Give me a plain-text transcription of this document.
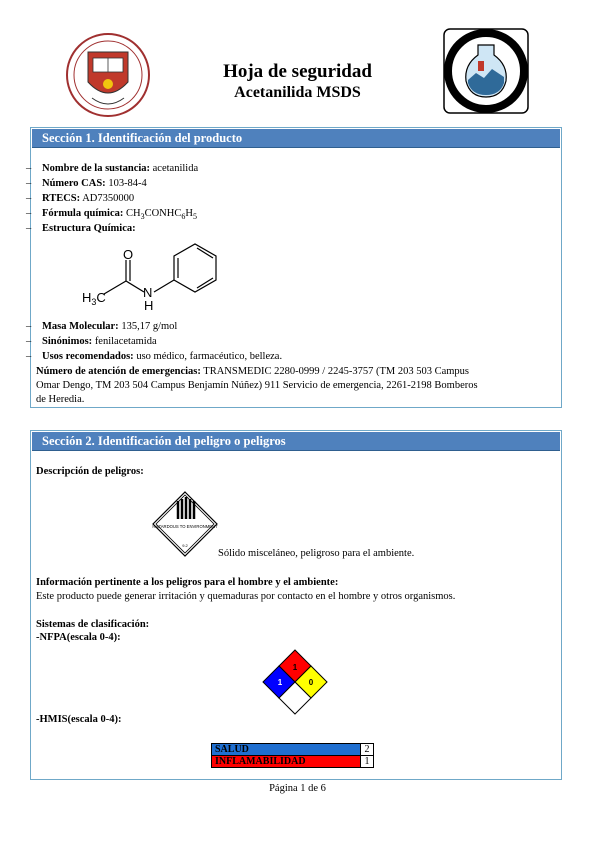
Hoja de seguridad
Acetanilida MSDS
Sección 1. Identificación del producto
– Nombre de la sustancia: acetanilida
– Número CAS: 103-84-4
– RTECS: AD7350000
– Fórmula química: $CH_3CONHC_6H_5$
– Estructura Química:
O
N
H
$H_3C$
– Masa Molecular: 135,17 g/mol
– Sinónimos: fenilacetamida
– Usos recomendados: uso médico, farmacéutico, belleza.
Número de atención de emergencias: TRANSMEDIC 2280-0999 / 2245-3757 (TM 203 503 Campus
Omar Dengo, TM 203 504 Campus Benjamín Núñez) 911 Servicio de emergencia, 2261-2198 Bomberos
de Heredia.
Sección 2. Identificación del peligro o peligros
Descripción de peligros:
HAZARDOUS TO ENVIRONMENT
9.2
Sólido misceláneo, peligroso para el ambiente.
Información pertinente a los peligros para el hombre y el ambiente:
Este producto puede generar irritación y quemaduras por contacto en el hombre y otros organismos.
Sistemas de clasificación:
-NFPA(escala 0-4):
1
1	0
-HMIS(escala 0-4):
SALUD	2
INFLAMABILIDAD	1
Página 1 de 6
